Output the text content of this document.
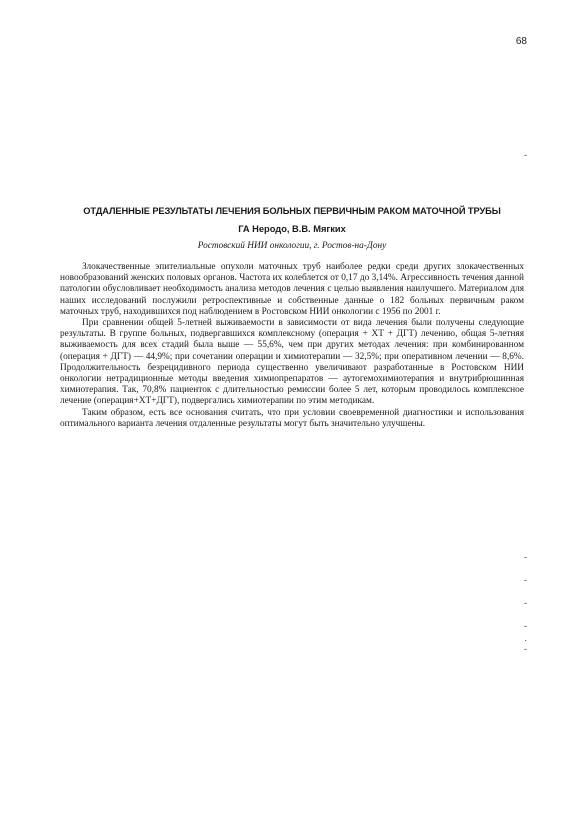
68
-
-
-
-
-
.
-
ОТДАЛЕННЫЕ РЕЗУЛЬТАТЫ ЛЕЧЕНИЯ БОЛЬНЫХ ПЕРВИЧНЫМ РАКОМ МАТОЧНОЙ ТРУБЫ
ГА Неродо, В.В. Мягких
Ростовский НИИ онкологии, г. Ростов-на-Дону

Злокачественные эпителиальные опухоли маточных труб наиболее редки среди других злокачественных новообразований женских половых органов. Частота их колеблется от 0,17 до 3,14%. Агрессивность течения данной патологии обусловливает необходимость анализа методов лечения с целью выявления наилучшего. Материалом для наших исследований послужили ретроспективные и собственные данные о 182 больных первичным раком маточных труб, находившихся под наблюдением в Ростовском НИИ онкологии с 1956 по 2001 г.

При сравнении общей 5-летней выживаемости в зависимости от вида лечения были получены следующие результаты. В группе больных, подвергавшихся комплексному (операция + ХТ + ДГТ) лечению, общая 5-летняя выживаемость для всех стадий была выше — 55,6%, чем при других методах лечения: при комбинированном (операция + ДГТ) — 44,9%; при сочетании операции и химиотерапии — 32,5%; при оперативном лечении — 8,6%. Продолжительность безрецидивного периода существенно увеличивают разработанные в Ростовском НИИ онкологии нетрадиционные методы введения химиопрепаратов — аутогемохимиотерапия и внутрибрюшинная химиотерапия. Так, 70,8% пациенток с длительностью ремиссии более 5 лет, которым проводилось комплексное лечение (операция+ХТ+ДГТ), подвергались химиотерапии по этим методикам.

Таким образом, есть все основания считать, что при условии своевременной диагностики и использования оптимального варианта лечения отдаленные результаты могут быть значительно улучшены.
